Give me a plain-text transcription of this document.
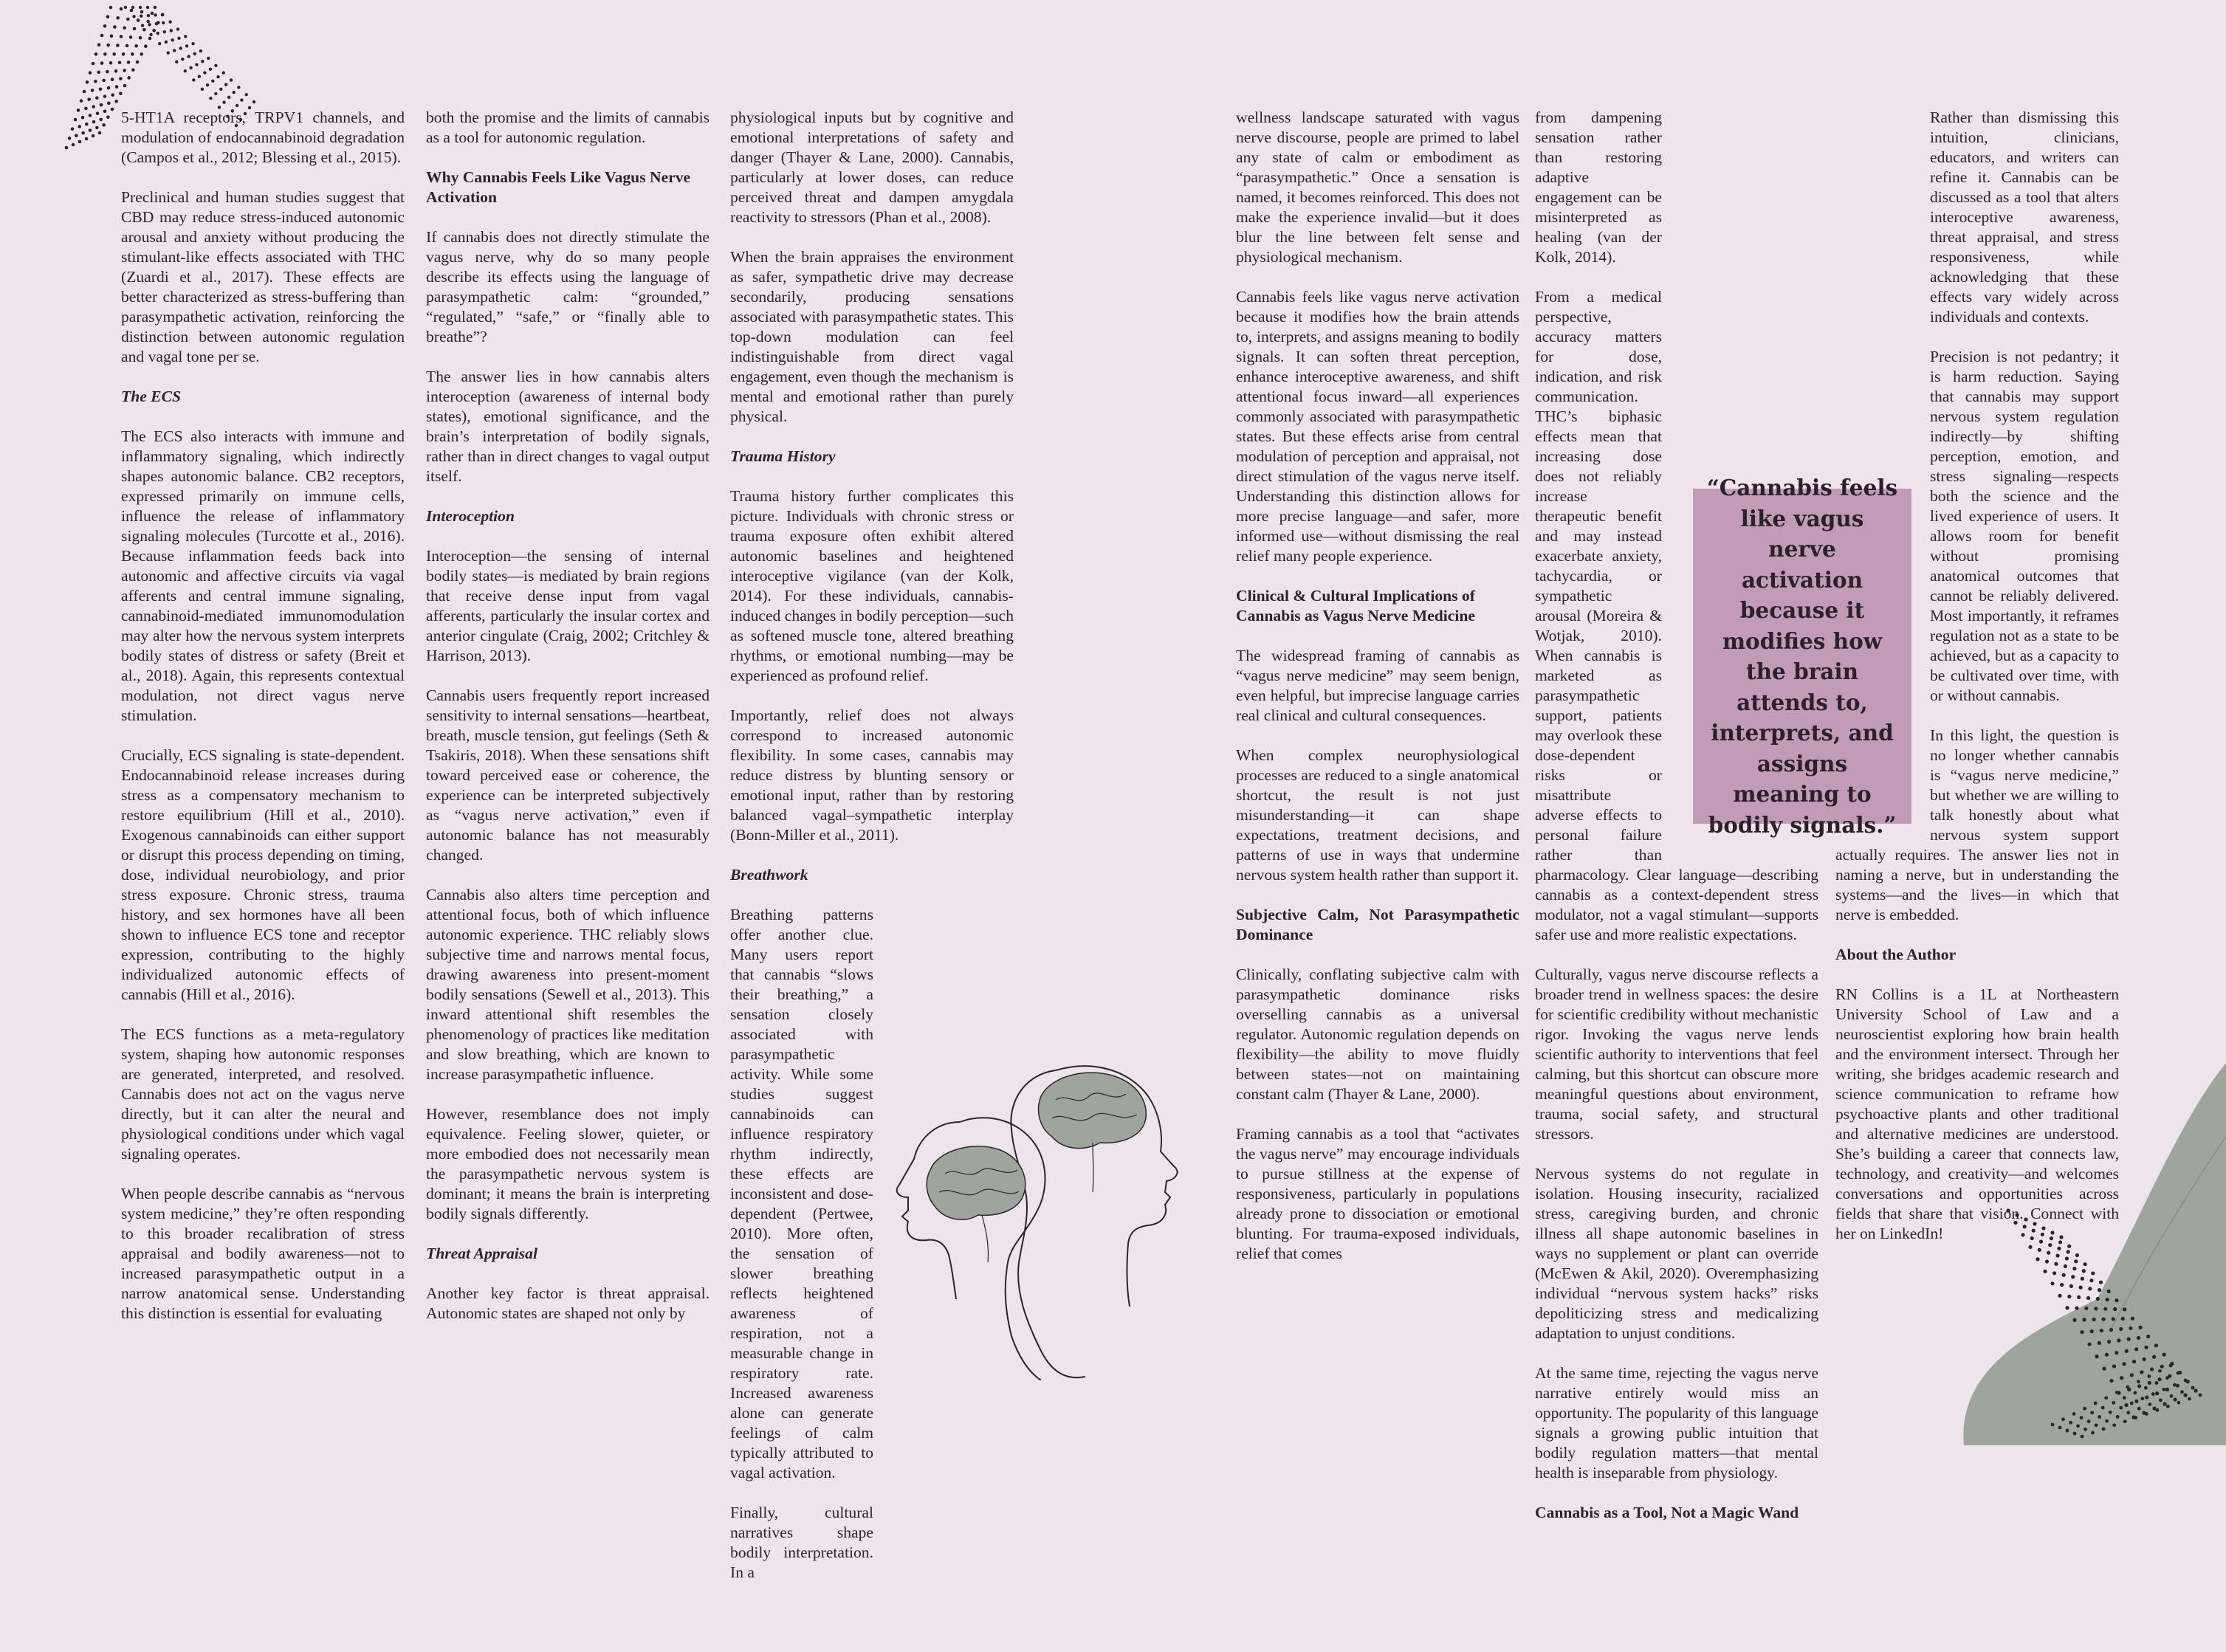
5-HT1A receptors, TRPV1 channels, and modulation of endocannabinoid degradation (Campos et al., 2012; Blessing et al., 2015).

Preclinical and human studies suggest that CBD may reduce stress-induced autonomic arousal and anxiety without producing the stimulant-like effects associated with THC (Zuardi et al., 2017). These effects are better characterized as stress-buffering than parasympathetic activation, reinforcing the distinction between autonomic regulation and vagal tone per se.

The ECS

The ECS also interacts with immune and inflammatory signaling, which indirectly shapes autonomic balance. CB2 receptors, expressed primarily on immune cells, influence the release of inflammatory signaling molecules (Turcotte et al., 2016). Because inflammation feeds back into autonomic and affective circuits via vagal afferents and central immune signaling, cannabinoid-mediated immunomodulation may alter how the nervous system interprets bodily states of distress or safety (Breit et al., 2018). Again, this represents contextual modulation, not direct vagus nerve stimulation.

Crucially, ECS signaling is state-dependent. Endocannabinoid release increases during stress as a compensatory mechanism to restore equilibrium (Hill et al., 2010). Exogenous cannabinoids can either support or disrupt this process depending on timing, dose, individual neurobiology, and prior stress exposure. Chronic stress, trauma history, and sex hormones have all been shown to influence ECS tone and receptor expression, contributing to the highly individualized autonomic effects of cannabis (Hill et al., 2016).

The ECS functions as a meta-regulatory system, shaping how autonomic responses are generated, interpreted, and resolved. Cannabis does not act on the vagus nerve directly, but it can alter the neural and physiological conditions under which vagal signaling operates.

When people describe cannabis as “nervous system medicine,” they’re often responding to this broader recalibration of stress appraisal and bodily awareness—not to increased parasympathetic output in a narrow anatomical sense. Understanding this distinction is essential for evaluating

both the promise and the limits of cannabis as a tool for autonomic regulation.

Why Cannabis Feels Like Vagus Nerve Activation

If cannabis does not directly stimulate the vagus nerve, why do so many people describe its effects using the language of parasympathetic calm: “grounded,” “regulated,” “safe,” or “finally able to breathe”?

The answer lies in how cannabis alters interoception (awareness of internal body states), emotional significance, and the brain’s interpretation of bodily signals, rather than in direct changes to vagal output itself.

Interoception

Interoception—the sensing of internal bodily states—is mediated by brain regions that receive dense input from vagal afferents, particularly the insular cortex and anterior cingulate (Craig, 2002; Critchley & Harrison, 2013).

Cannabis users frequently report increased sensitivity to internal sensations—heartbeat, breath, muscle tension, gut feelings (Seth & Tsakiris, 2018). When these sensations shift toward perceived ease or coherence, the experience can be interpreted subjectively as “vagus nerve activation,” even if autonomic balance has not measurably changed.

Cannabis also alters time perception and attentional focus, both of which influence autonomic experience. THC reliably slows subjective time and narrows mental focus, drawing awareness into present-moment bodily sensations (Sewell et al., 2013). This inward attentional shift resembles the phenomenology of practices like meditation and slow breathing, which are known to increase parasympathetic influence.

However, resemblance does not imply equivalence. Feeling slower, quieter, or more embodied does not necessarily mean the parasympathetic nervous system is dominant; it means the brain is interpreting bodily signals differently.

Threat Appraisal

Another key factor is threat appraisal. Autonomic states are shaped not only by

physiological inputs but by cognitive and emotional interpretations of safety and danger (Thayer & Lane, 2000). Cannabis, particularly at lower doses, can reduce perceived threat and dampen amygdala reactivity to stressors (Phan et al., 2008).

When the brain appraises the environment as safer, sympathetic drive may decrease secondarily, producing sensations associated with parasympathetic states. This top-down modulation can feel indistinguishable from direct vagal engagement, even though the mechanism is mental and emotional rather than purely physical.

Trauma History

Trauma history further complicates this picture. Individuals with chronic stress or trauma exposure often exhibit altered autonomic baselines and heightened interoceptive vigilance (van der Kolk, 2014). For these individuals, cannabis-induced changes in bodily perception—such as softened muscle tone, altered breathing rhythms, or emotional numbing—may be experienced as profound relief.

Importantly, relief does not always correspond to increased autonomic flexibility. In some cases, cannabis may reduce distress by blunting sensory or emotional input, rather than by restoring balanced vagal–sympathetic interplay (Bonn-Miller et al., 2011).

Breathwork

Breathing patterns offer another clue. Many users report that cannabis “slows their breathing,” a sensation closely associated with parasympathetic activity. While some studies suggest cannabinoids can influence respiratory rhythm indirectly, these effects are inconsistent and dose-dependent (Pertwee, 2010). More often, the sensation of slower breathing reflects heightened awareness of respiration, not a measurable change in respiratory rate. Increased awareness alone can generate feelings of calm typically attributed to vagal activation.

Finally, cultural narratives shape bodily interpretation. In a

wellness landscape saturated with vagus nerve discourse, people are primed to label any state of calm or embodiment as “parasympathetic.” Once a sensation is named, it becomes reinforced. This does not make the experience invalid—but it does blur the line between felt sense and physiological mechanism.

Cannabis feels like vagus nerve activation because it modifies how the brain attends to, interprets, and assigns meaning to bodily signals. It can soften threat perception, enhance interoceptive awareness, and shift attentional focus inward—all experiences commonly associated with parasympathetic states. But these effects arise from central modulation of perception and appraisal, not direct stimulation of the vagus nerve itself. Understanding this distinction allows for more precise language—and safer, more informed use—without dismissing the real relief many people experience.

Clinical & Cultural Implications of Cannabis as Vagus Nerve Medicine

The widespread framing of cannabis as “vagus nerve medicine” may seem benign, even helpful, but imprecise language carries real clinical and cultural consequences.

When complex neurophysiological processes are reduced to a single anatomical shortcut, the result is not just misunderstanding—it can shape expectations, treatment decisions, and patterns of use in ways that undermine nervous system health rather than support it.

Subjective Calm, Not Parasympathetic Dominance

Clinically, conflating subjective calm with parasympathetic dominance risks overselling cannabis as a universal regulator. Autonomic regulation depends on flexibility—the ability to move fluidly between states—not on maintaining constant calm (Thayer & Lane, 2000).

Framing cannabis as a tool that “activates the vagus nerve” may encourage individuals to pursue stillness at the expense of responsiveness, particularly in populations already prone to dissociation or emotional blunting. For trauma-exposed individuals, relief that comes

from dampening sensation rather than restoring adaptive engagement can be misinterpreted as healing (van der Kolk, 2014).

From a medical perspective, accuracy matters for dose, indication, and risk communication. THC’s biphasic effects mean that increasing dose does not reliably increase therapeutic benefit and may instead exacerbate anxiety, tachycardia, or sympathetic arousal (Moreira & Wotjak, 2010). When cannabis is marketed as parasympathetic support, patients may overlook these dose-dependent risks or misattribute adverse effects to personal failure rather than pharmacology. Clear language—describing cannabis as a context-dependent stress modulator, not a vagal stimulant—supports safer use and more realistic expectations.

Culturally, vagus nerve discourse reflects a broader trend in wellness spaces: the desire for scientific credibility without mechanistic rigor. Invoking the vagus nerve lends scientific authority to interventions that feel calming, but this shortcut can obscure more meaningful questions about environment, trauma, social safety, and structural stressors.

Nervous systems do not regulate in isolation. Housing insecurity, racialized stress, caregiving burden, and chronic illness all shape autonomic baselines in ways no supplement or plant can override (McEwen & Akil, 2020). Overemphasizing individual “nervous system hacks” risks depoliticizing stress and medicalizing adaptation to unjust conditions.

At the same time, rejecting the vagus nerve narrative entirely would miss an opportunity. The popularity of this language signals a growing public intuition that bodily regulation matters—that mental health is inseparable from physiology.

Cannabis as a Tool, Not a Magic Wand

Rather than dismissing this intuition, clinicians, educators, and writers can refine it. Cannabis can be discussed as a tool that alters interoceptive awareness, threat appraisal, and stress responsiveness, while acknowledging that these effects vary widely across individuals and contexts.

Precision is not pedantry; it is harm reduction. Saying that cannabis may support nervous system regulation indirectly—by shifting perception, emotion, and stress signaling—respects both the science and the lived experience of users. It allows room for benefit without promising anatomical outcomes that cannot be reliably delivered. Most importantly, it reframes regulation not as a state to be achieved, but as a capacity to be cultivated over time, with or without cannabis.

In this light, the question is no longer whether cannabis is “vagus nerve medicine,” but whether we are willing to talk honestly about what nervous system support actually requires. The answer lies not in naming a nerve, but in understanding the systems—and the lives—in which that nerve is embedded.

About the Author

RN Collins is a 1L at Northeastern University School of Law and a neuroscientist exploring how brain health and the environment intersect. Through her writing, she bridges academic research and science communication to reframe how psychoactive plants and other traditional and alternative medicines are understood. She’s building a career that connects law, technology, and creativity—and welcomes conversations and opportunities across fields that share that vision. Connect with her on LinkedIn!

“Cannabis feels like vagus nerve activation because it modifies how the brain attends to, interprets, and assigns meaning to bodily signals.”
